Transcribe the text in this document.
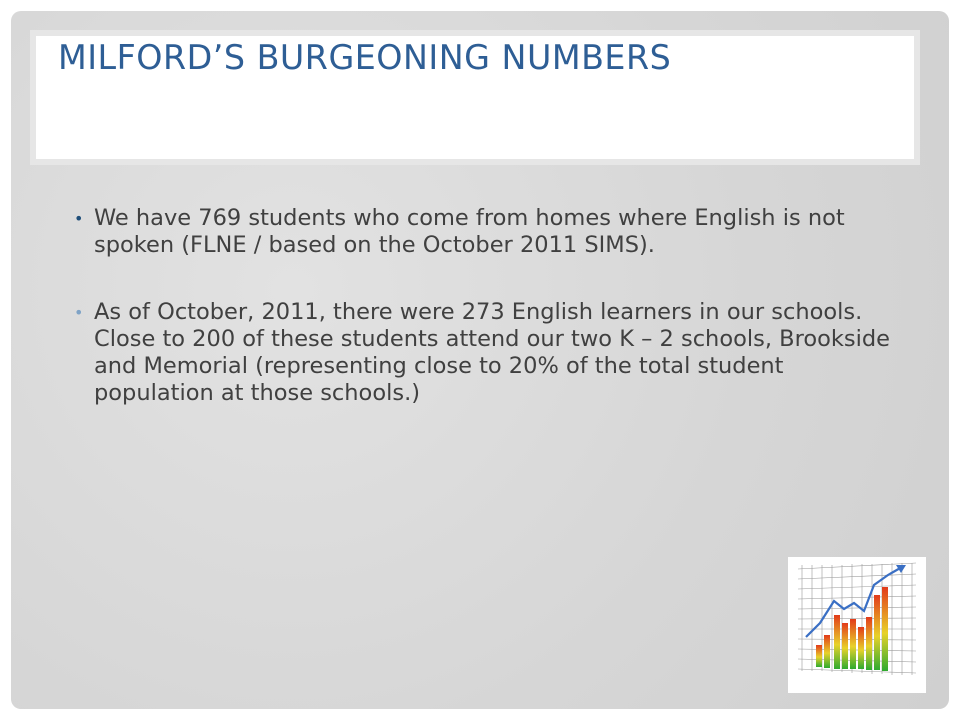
MILFORD’S BURGEONING NUMBERS
• We have 769 students who come from homes where English is not spoken (FLNE / based on the October 2011 SIMS).
• As of October, 2011, there were 273 English learners in our schools. Close to 200 of these students attend our two K – 2 schools, Brookside and Memorial (representing close to 20% of the total student population at those schools.)
